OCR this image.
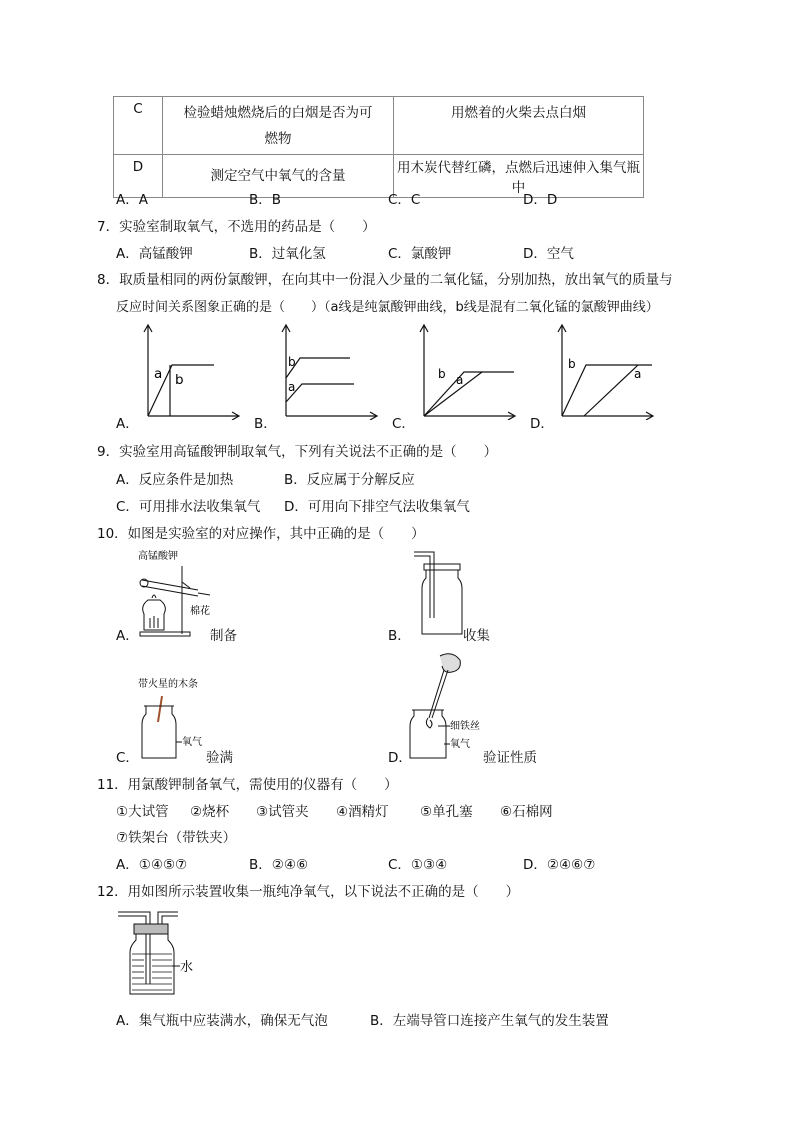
C	检验蜡烛燃烧后的白烟是否为可燃物	用燃着的火柴去点白烟
D	测定空气中氧气的含量	用木炭代替红磷，点燃后迅速伸入集气瓶中
A．A	B．B	C．C	D．D
7．实验室制取氧气，不选用的药品是（　　）
A．高锰酸钾	B．过氧化氢	C．氯酸钾	D．空气
8．取质量相同的两份氯酸钾，在向其中一份混入少量的二氧化锰，分别加热，放出氧气的质量与
反应时间关系图象正确的是（　　）（a线是纯氯酸钾曲线，b线是混有二氧化锰的氯酸钾曲线）
A．	B．	C．	D．
a b
b
a
b a
b
a
9．实验室用高锰酸钾制取氧气，下列有关说法不正确的是（　　）
A．反应条件是加热	B．反应属于分解反应
C．可用排水法收集氧气 D．可用向下排空气法收集氧气
10．如图是实验室的对应操作，其中正确的是（　　）
A．
高锰酸钾
棉花
制备	B．	收集
C．
带火星的木条
氧气
验满	D．
细铁丝
氧气
验证性质
11．用氯酸钾制备氧气，需使用的仪器有（　　）
①大试管 ②烧杯 ③试管夹 ④酒精灯 ⑤单孔塞 ⑥石棉网
⑦铁架台（带铁夹）
A．①④⑤⑦	B．②④⑥	C．①③④	D．②④⑥⑦
12．用如图所示装置收集一瓶纯净氧气，以下说法不正确的是（　　）
水
A．集气瓶中应装满水，确保无气泡	B．左端导管口连接产生氧气的发生装置
